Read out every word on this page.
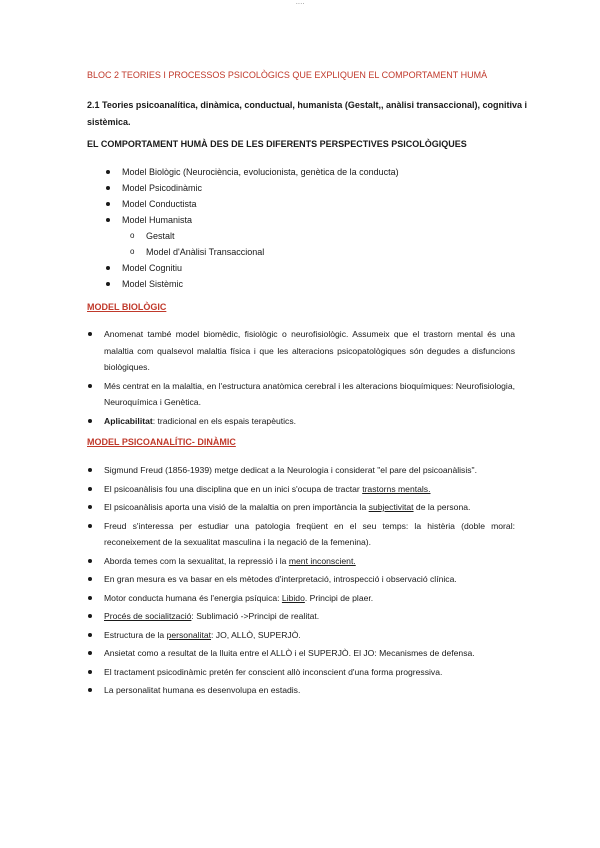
....
BLOC 2 TEORIES I PROCESSOS PSICOLÒGICS QUE EXPLIQUEN EL COMPORTAMENT HUMÀ
2.1 Teories psicoanalítica, dinàmica, conductual, humanista (Gestalt,, anàlisi transaccional), cognitiva i sistèmica.
EL COMPORTAMENT HUMÀ DES DE LES DIFERENTS PERSPECTIVES PSICOLÒGIQUES
Model Biològic (Neurociència, evolucionista, genètica de la conducta)
Model Psicodinàmic
Model Conductista
Model Humanista
o Gestalt
o Model d'Anàlisi Transaccional
Model Cognitiu
Model Sistèmic
MODEL BIOLÒGIC
Anomenat també model biomèdic, fisiològic o neurofisiològic. Assumeix que el trastorn mental és una malaltia com qualsevol malaltia física i que les alteracions psicopatològiques són degudes a disfuncions biològiques.
Més centrat en la malaltia, en l'estructura anatòmica cerebral i les alteracions bioquímiques: Neurofisiologia, Neuroquímica i Genètica.
Aplicabilitat: tradicional en els espais terapèutics.
MODEL PSICOANALÍTIC- DINÀMIC
Sigmund Freud (1856-1939) metge dedicat a la Neurologia i considerat "el pare del psicoanàlisis".
El psicoanàlisis fou una disciplina que en un inici s'ocupa de tractar trastorns mentals.
El psicoanàlisis aporta una visió de la malaltia on pren importància la subjectivitat de la persona.
Freud s'interessa per estudiar una patologia freqüent en el seu temps: la histèria (doble moral: reconeixement de la sexualitat masculina i la negació de la femenina).
Aborda temes com la sexualitat, la repressió i la ment inconscient.
En gran mesura es va basar en els mètodes d'interpretació, introspecció i observació clínica.
Motor conducta humana és l'energia psíquica: Libido. Principi de plaer.
Procés de socialització: Sublimació ->Principi de realitat.
Estructura de la personalitat: JO, ALLÒ, SUPERJÒ.
Ansietat como a resultat de la lluita entre el ALLÒ i el SUPERJÒ. El JO: Mecanismes de defensa.
El tractament psicodinàmic pretén fer conscient allò inconscient d'una forma progressiva.
La personalitat humana es desenvolupa en estadis.
